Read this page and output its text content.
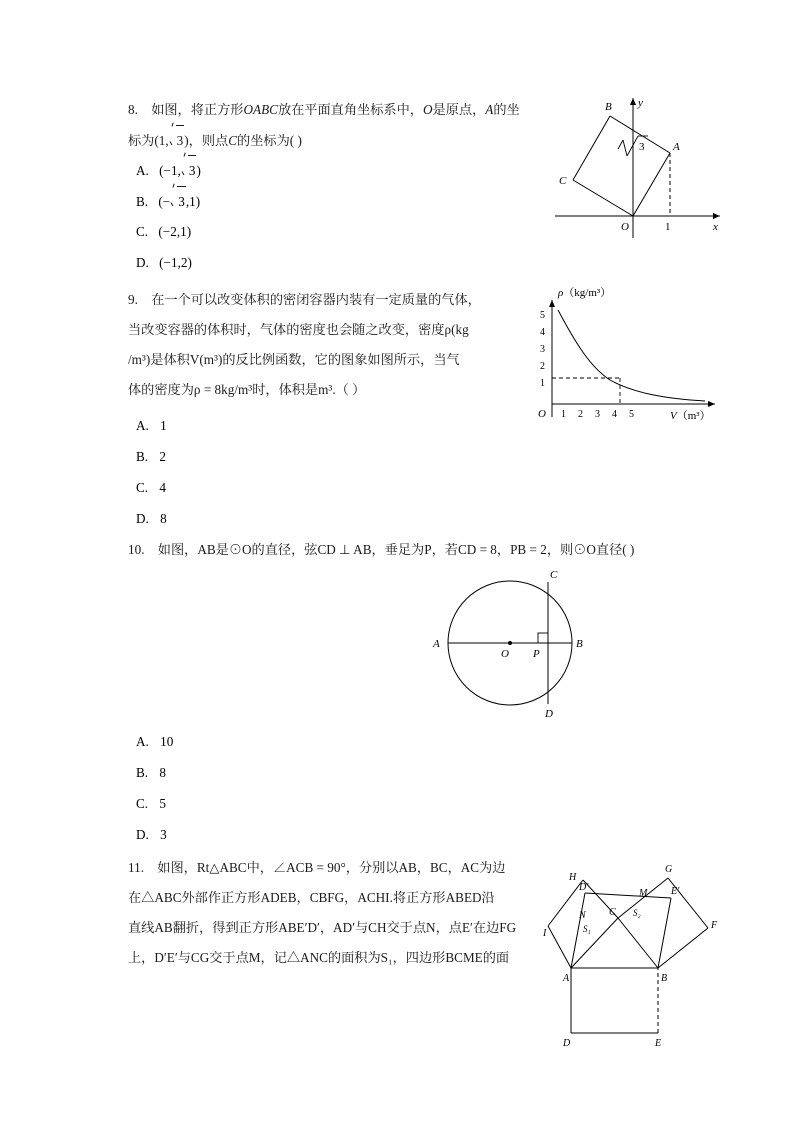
8. 如图，将正方形OABC放在平面直角坐标系中，O是原点，A的坐
标为(1, 3)，则点C的坐标为( )
A. (−1, 3)
B. (− 3,1)
C. (−2,1)
D. (−1,2)
x
y
O	1
A
B
C
3
9. 在一个可以改变体积的密闭容器内装有一定质量的气体，
当改变容器的体积时，气体的密度也会随之改变，密度ρ(kg
/m³)是体积V(m³)的反比例函数，它的图象如图所示，当气
体的密度为ρ = 8kg/m³时，体积是m³.（ ）
A. 1
B. 2
C. 4
D. 8
5
4
3
2
1
1 2 3 4 5
O
ρ（kg/m³）
V（m³）
10. 如图，AB是⊙O的直径，弦CD ⊥ AB，垂足为P，若CD = 8，PB = 2，则⊙O直径( )
A	B
C
D
O P
A. 10
B. 8
C. 5
D. 3
11. 如图，Rt△ABC中，∠ACB = 90°，分别以AB，BC，AC为边
在△ABC外部作正方形ADEB，CBFG，ACHI.将正方形ABED沿
直线AB翻折，得到正方形ABE′D′，AD′与CH交于点N，点E′在边FG
上，D′E′与CG交于点M，记△ANC的面积为S₁，四边形BCME的面
A	B
C
D	E
F
G
H
I
D′	E′
M
N
S₁
S₂
